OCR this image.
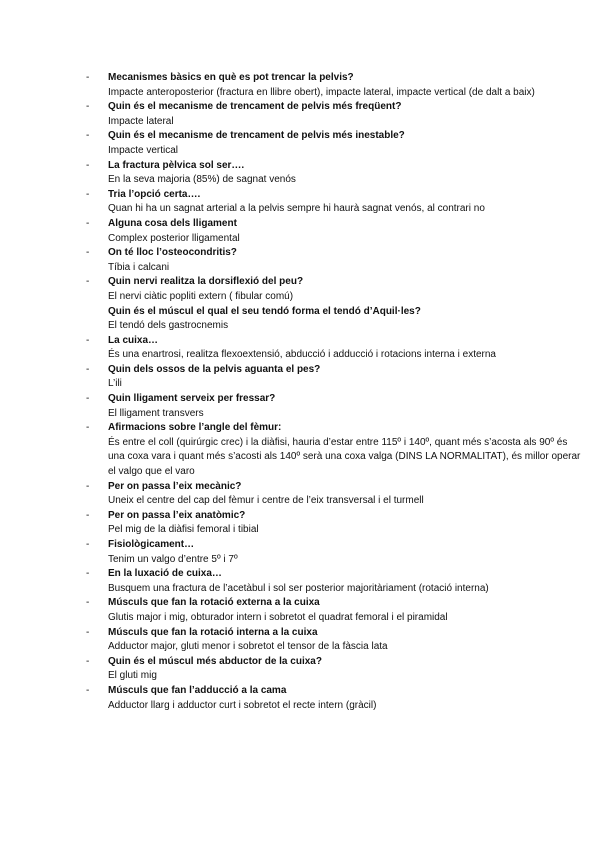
- Mecanismes bàsics en què es pot trencar la pelvis?
Impacte anteroposterior (fractura en llibre obert), impacte lateral, impacte vertical (de dalt a baix)
- Quin és el mecanisme de trencament de pelvis més freqüent?
Impacte lateral
- Quin és el mecanisme de trencament de pelvis més inestable?
Impacte vertical
- La fractura pèlvica sol ser….
En la seva majoria (85%) de sagnat venós
- Tria l’opció certa….
Quan hi ha un sagnat arterial a la pelvis sempre hi haurà sagnat venós, al contrari no
- Alguna cosa dels lligament
Complex posterior lligamental
- On té lloc l’osteocondritis?
Tíbia i calcani
- Quin nervi realitza la dorsiflexió del peu?
El nervi ciàtic popliti extern ( fibular comú)
Quin és el múscul el qual el seu tendó forma el tendó d’Aquil·les?
El tendó dels gastrocnemis
- La cuixa…
És una enartrosi, realitza flexoextensió, abducció i adducció i rotacions interna i externa
- Quin dels ossos de la pelvis aguanta el pes?
L’ili
- Quin lligament serveix per fressar?
El lligament transvers
- Afirmacions sobre l’angle del fèmur:
És entre el coll (quirúrgic crec) i la diàfisi, hauria d’estar entre 115º i 140º, quant més s’acosta als 90º és una coxa vara i quant més s’acosti als 140º serà una coxa valga (DINS LA NORMALITAT), és millor operar el valgo que el varo
- Per on passa l’eix mecànic?
Uneix el centre del cap del fèmur i centre de l’eix transversal i el turmell
- Per on passa l’eix anatòmic?
Pel mig de la diàfisi femoral i tibial
- Fisiològicament…
Tenim un valgo d’entre 5º i 7º
- En la luxació de cuixa…
Busquem una fractura de l’acetàbul i sol ser posterior majoritàriament (rotació interna)
- Músculs que fan la rotació externa a la cuixa
Glutis major i mig, obturador intern i sobretot el quadrat femoral i el piramidal
- Músculs que fan la rotació interna a la cuixa
Adductor major, gluti menor i sobretot el tensor de la fàscia lata
- Quin és el múscul més abductor de la cuixa?
El gluti mig
- Músculs que fan l’adducció a la cama
Adductor llarg i adductor curt i sobretot el recte intern (gràcil)
